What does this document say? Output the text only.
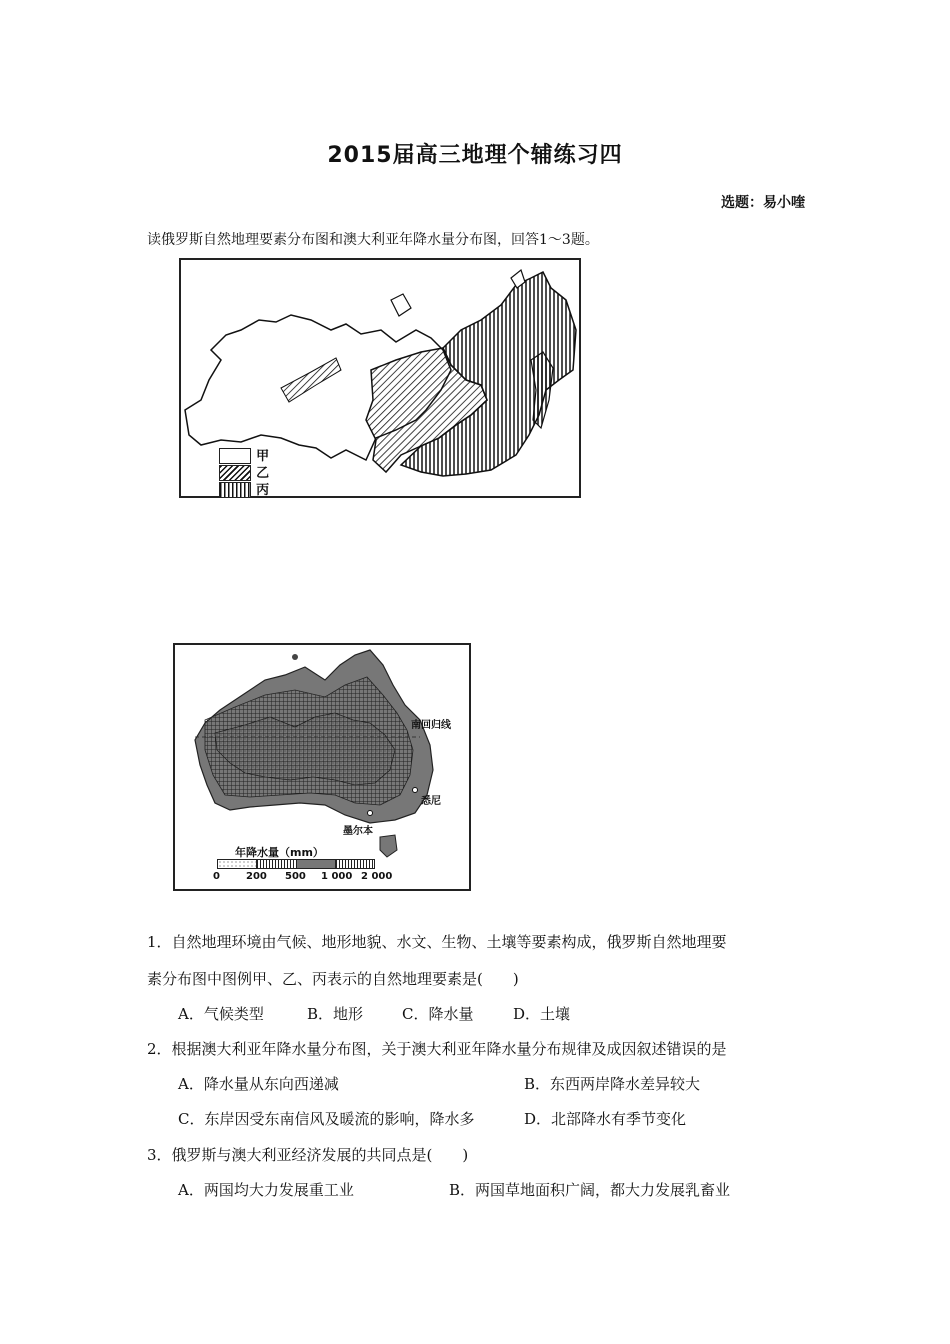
2015届高三地理个辅练习四
选题：易小喹
读俄罗斯自然地理要素分布图和澳大利亚年降水量分布图，回答1～3题。
甲
乙
丙
南回归线
悉尼
墨尔本
年降水量（mm）
0	200 500 1 000 2 000
1．自然地理环境由气候、地形地貌、水文、生物、土壤等要素构成，俄罗斯自然地理要
素分布图中图例甲、乙、丙表示的自然地理要素是(　　)
A．气候类型	B．地形	C．降水量	D．土壤
2．根据澳大利亚年降水量分布图，关于澳大利亚年降水量分布规律及成因叙述错误的是
A．降水量从东向西递减	B．东西两岸降水差异较大
C．东岸因受东南信风及暖流的影响，降水多	D．北部降水有季节变化
3．俄罗斯与澳大利亚经济发展的共同点是(　　)
A．两国均大力发展重工业	B．两国草地面积广阔，都大力发展乳畜业
